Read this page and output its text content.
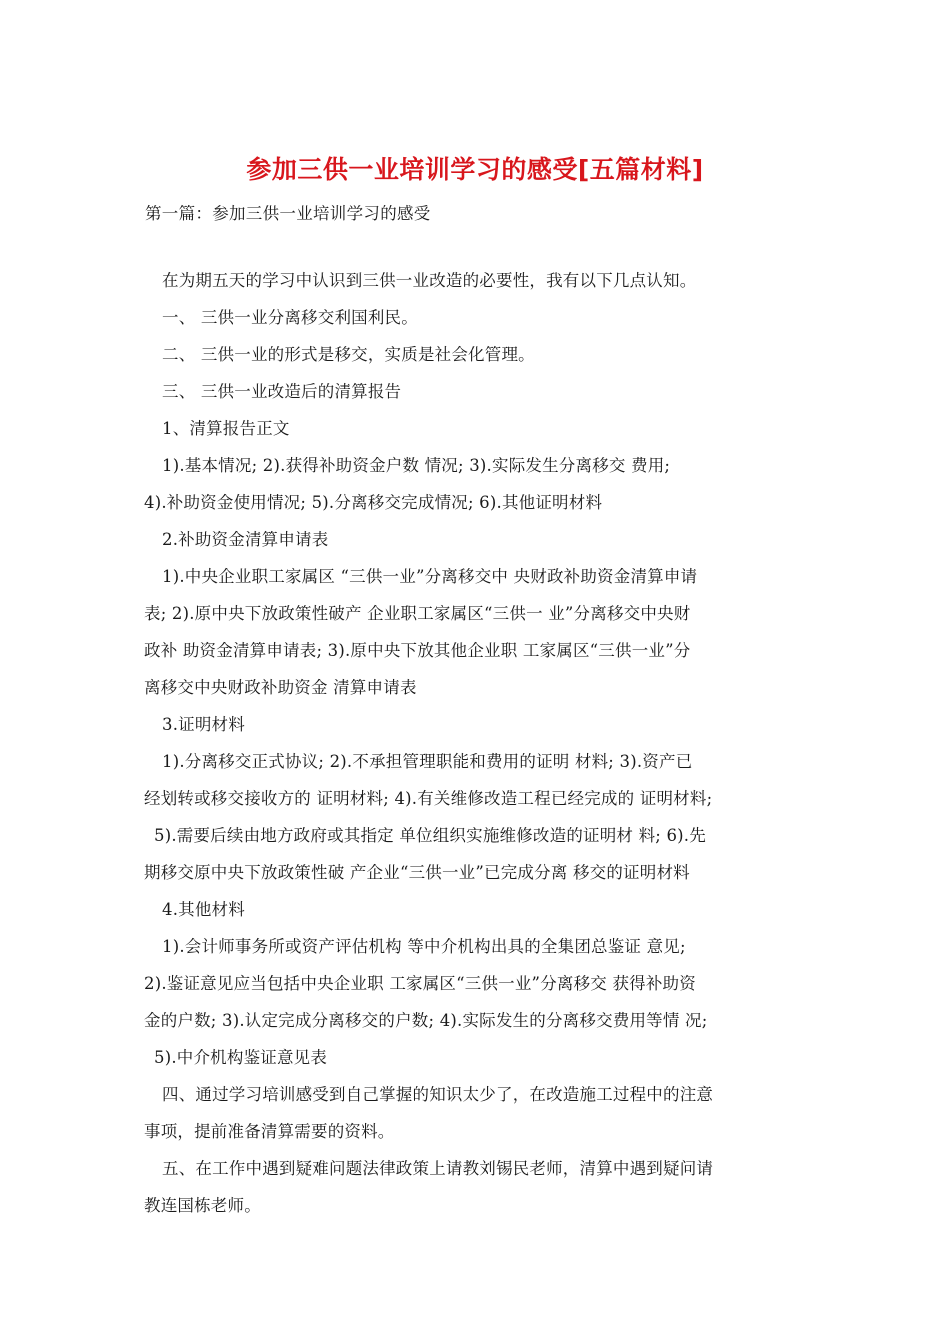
参加三供一业培训学习的感受[五篇材料]
第一篇：参加三供一业培训学习的感受

在为期五天的学习中认识到三供一业改造的必要性，我有以下几点认知。

一、 三供一业分离移交利国利民。

二、 三供一业的形式是移交，实质是社会化管理。

三、 三供一业改造后的清算报告

1、清算报告正文

1).基本情况; 2).获得补助资金户数 情况; 3).实际发生分离移交 费用;

4).补助资金使用情况; 5).分离移交完成情况; 6).其他证明材料

2.补助资金清算申请表

1).中央企业职工家属区 “三供一业”分离移交中 央财政补助资金清算申请

表; 2).原中央下放政策性破产 企业职工家属区“三供一 业”分离移交中央财

政补 助资金清算申请表; 3).原中央下放其他企业职 工家属区“三供一业”分

离移交中央财政补助资金 清算申请表

3.证明材料

1).分离移交正式协议; 2).不承担管理职能和费用的证明 材料; 3).资产已

经划转或移交接收方的 证明材料; 4).有关维修改造工程已经完成的 证明材料;

5).需要后续由地方政府或其指定 单位组织实施维修改造的证明材 料; 6).先

期移交原中央下放政策性破 产企业“三供一业”已完成分离 移交的证明材料

4.其他材料

1).会计师事务所或资产评估机构 等中介机构出具的全集团总鉴证 意见;

2).鉴证意见应当包括中央企业职 工家属区“三供一业”分离移交 获得补助资

金的户数; 3).认定完成分离移交的户数; 4).实际发生的分离移交费用等情 况;

5).中介机构鉴证意见表

四、通过学习培训感受到自己掌握的知识太少了，在改造施工过程中的注意

事项，提前准备清算需要的资料。

五、在工作中遇到疑难问题法律政策上请教刘锡民老师，清算中遇到疑问请

教连国栋老师。
